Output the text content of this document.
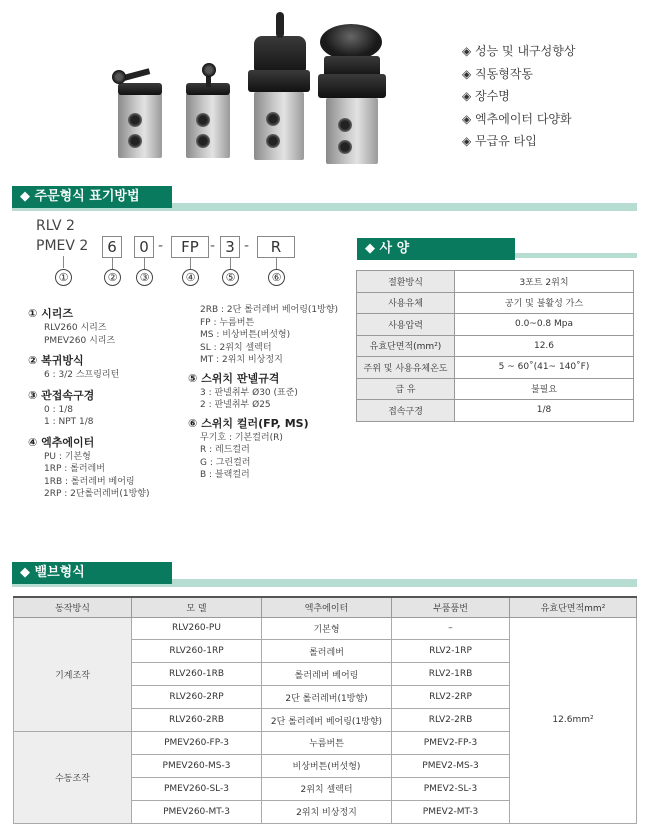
◈ 성능 및 내구성향상
◈ 직동형작동
◈ 장수명
◈ 엑추에이터 다양화
◈ 무급유 타입
◆ 주문형식 표기방법
RLV 2
PMEV 2	6	0 -	FP - 3 -	R
①	②	③	④	⑤	⑥
① 시리즈
RLV260 시리즈
PMEV260 시리즈
② 복귀방식
6 : 3/2 스프링리턴
③ 관접속구경
0 : 1/8
1 : NPT 1/8
④ 엑추에이터
PU : 기본형
1RP : 롤러레버
1RB : 롤러레버 베어링
2RP : 2단롤러레버(1방향)
2RB : 2단 롤러레버 베어링(1방향)
FP : 누름버튼
MS : 비상버튼(버섯형)
SL : 2위치 셀렉터
MT : 2위치 비상정지
⑤ 스위치 판넬규격
3 : 판넬취부 Ø30 (표준)
2 : 판넬취부 Ø25
⑥ 스위치 컬러(FP, MS)
무기호 : 기본컬러(R)
R : 레드컬러
G : 그린컬러
B : 블랙컬러
◆ 사 양
절환방식	3포트 2위치
사용유체	공기 및 불활성 가스
사용압력	0.0~0.8 Mpa
유효단면적(mm²)	12.6
주위 및 사용유체온도	5 ~ 60˚(41~ 140˚F)
급 유	불필요
접속구경	1/8
◆ 밸브형식
동작방식	모 델	엑추에이터	부품품번	유효단면적mm²
기계조작	RLV260-PU	기본형	–	12.6mm²
	RLV260-1RP	롤러레버	RLV2-1RP	
	RLV260-1RB	롤러레버 베어링	RLV2-1RB	
	RLV260-2RP	2단 롤러레버(1방향)	RLV2-2RP	
	RLV260-2RB	2단 롤러레버 베어링(1방향)	RLV2-2RB	
수동조작	PMEV260-FP-3	누름버튼	PMEV2-FP-3	
	PMEV260-MS-3	비상버튼(버섯형)	PMEV2-MS-3	
	PMEV260-SL-3	2위치 셀렉터	PMEV2-SL-3	
	PMEV260-MT-3	2위치 비상정지	PMEV2-MT-3	
